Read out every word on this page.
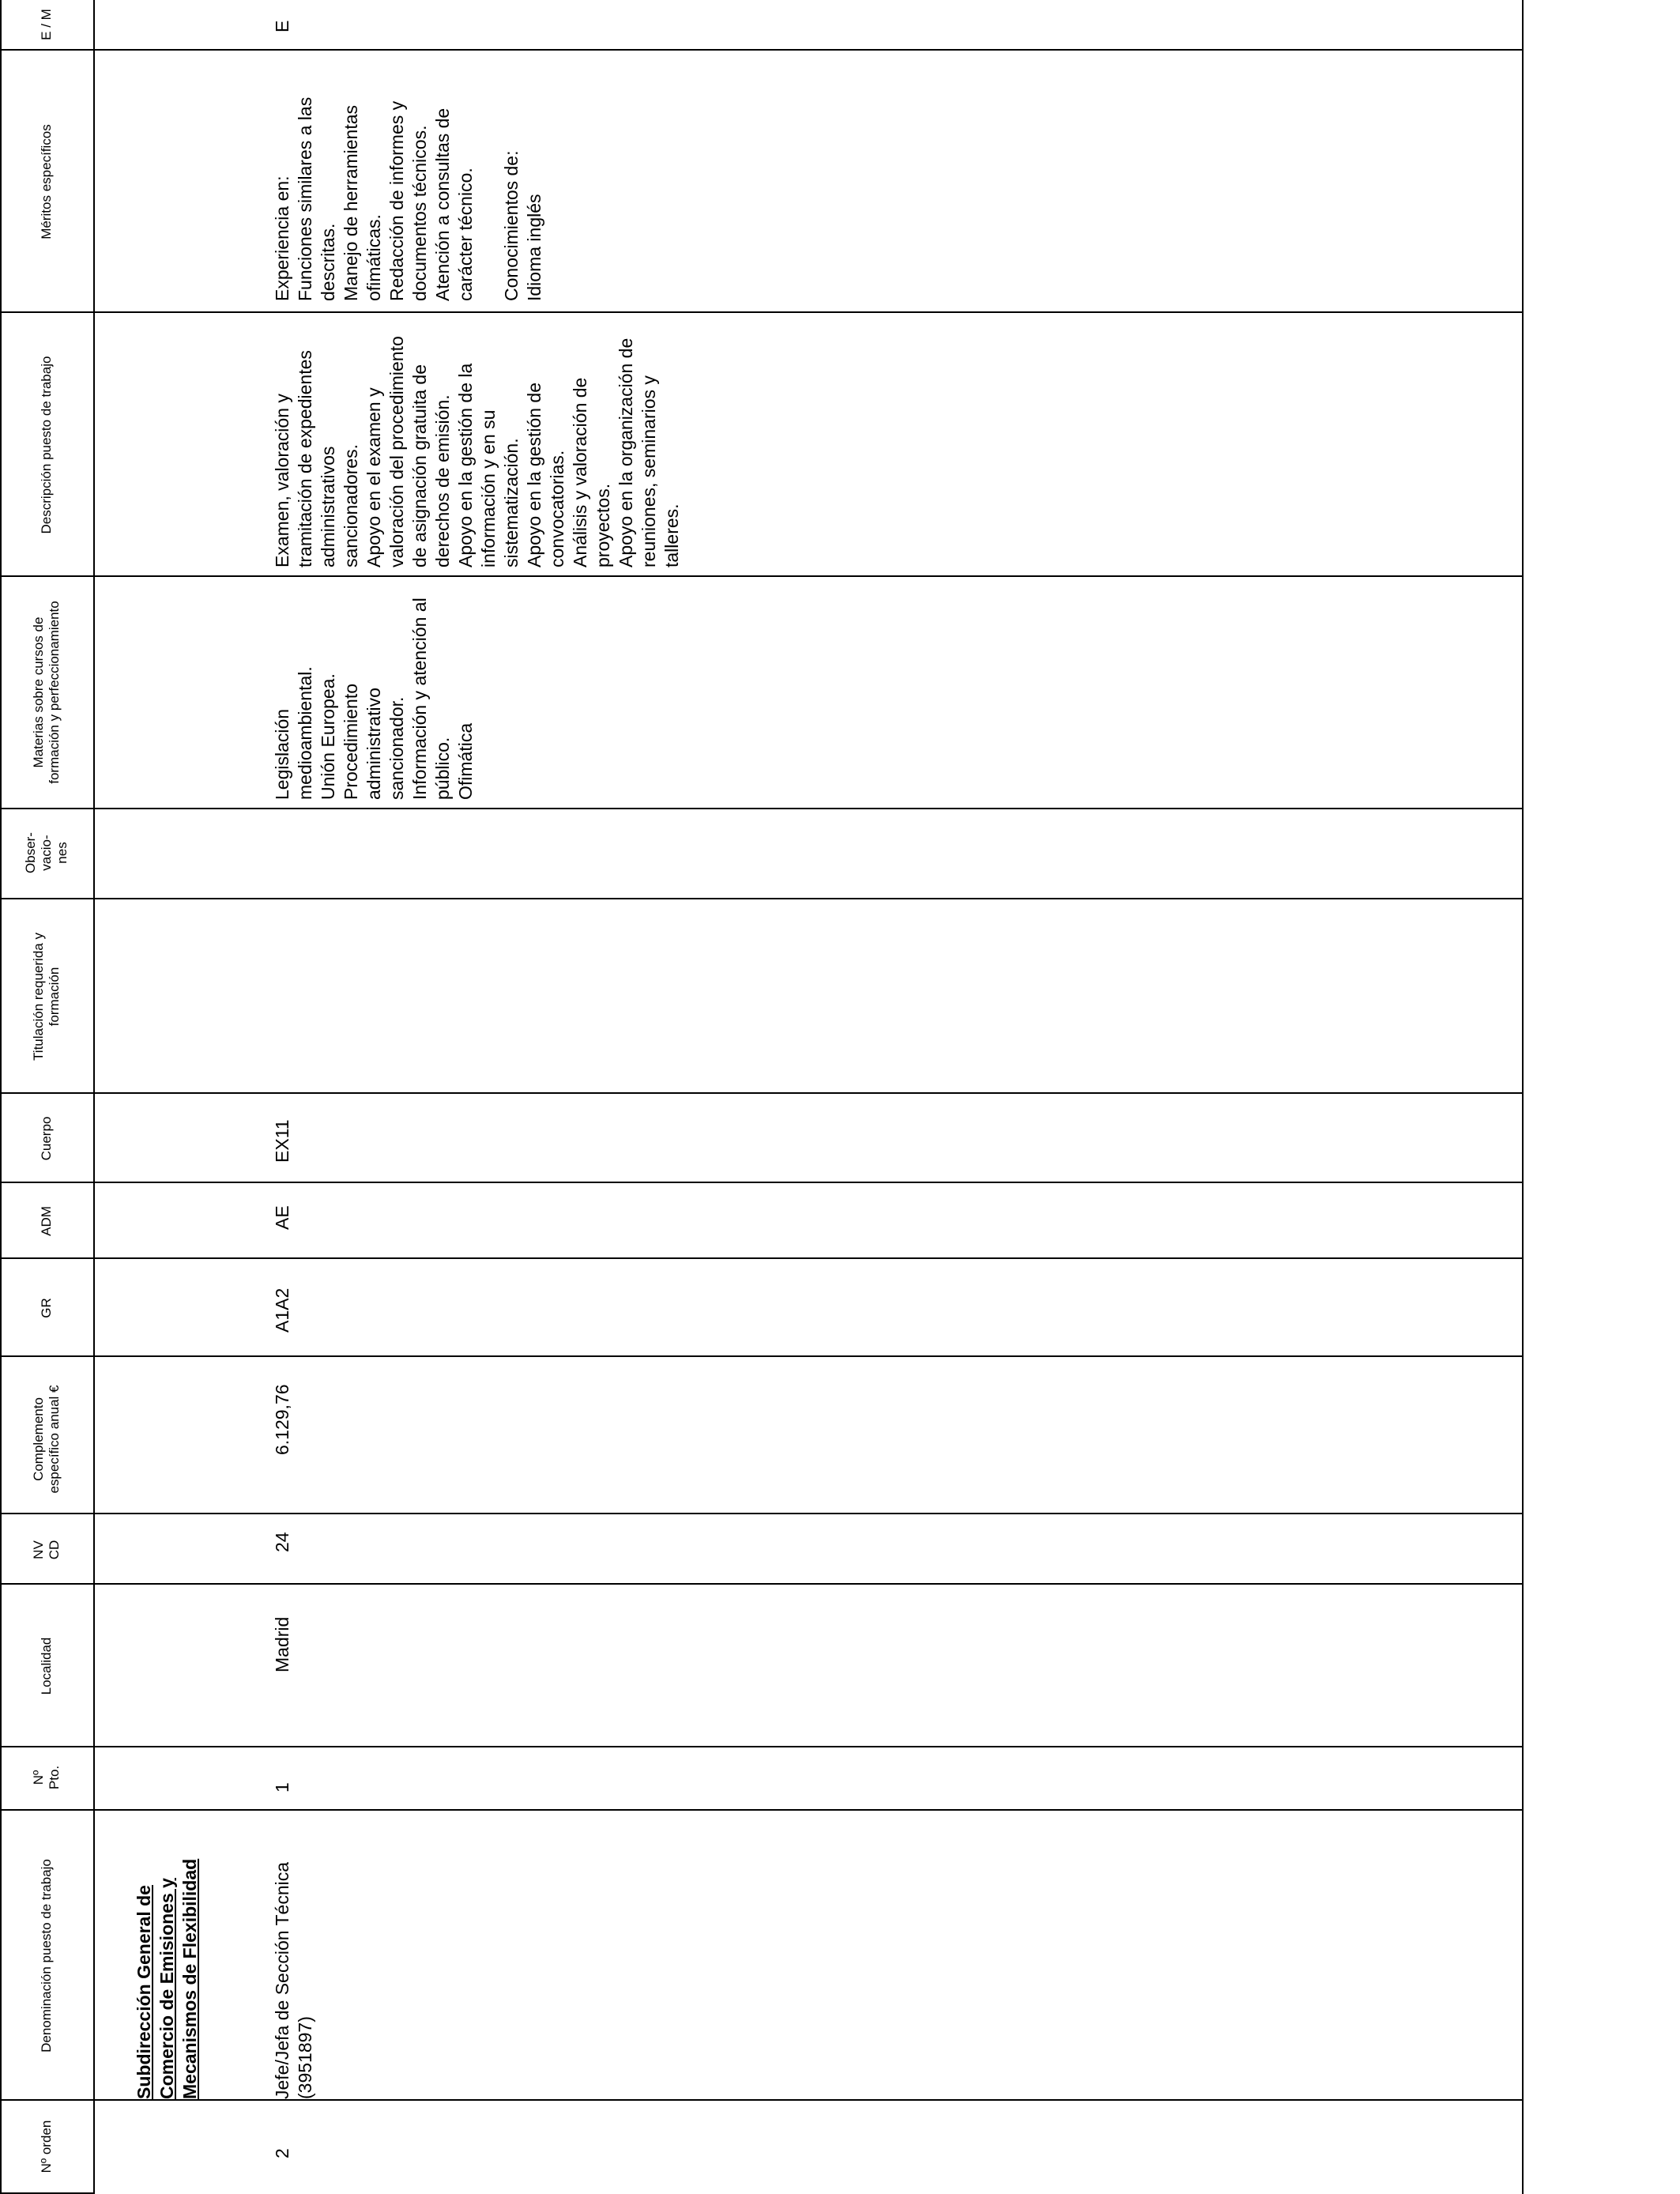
Nº orden
Denominación puesto de trabajo
Nº Pto.
Localidad
NV CD
Complemento específico anual €
GR
ADM
Cuerpo
Titulación requerida y formación
Obser-vacio-nes
Materias sobre cursos de formación y perfeccionamiento
Descripción puesto de trabajo
Méritos específicos
E / M
Subdirección General de Comercio de Emisiones y Mecanismos de Flexibilidad
2
Jefe/Jefa de Sección Técnica (3951897)
1
Madrid
24
6.129,76
A1A2
AE
EX11
Legislación medioambiental. Unión Europea. Procedimiento administrativo sancionador. Información y atención al público. Ofimática
Examen, valoración y tramitación de expedientes administrativos sancionadores. Apoyo en el examen y valoración del procedimiento de asignación gratuita de derechos de emisión. Apoyo en la gestión de la información y en su sistematización. Apoyo en la gestión de convocatorias. Análisis y valoración de proyectos. Apoyo en la organización de reuniones, seminarios y talleres.
Experiencia en: Funciones similares a las descritas. Manejo de herramientas ofimáticas. Redacción de informes y documentos técnicos. Atención a consultas de carácter técnico. Conocimientos de: Idioma inglés
E
